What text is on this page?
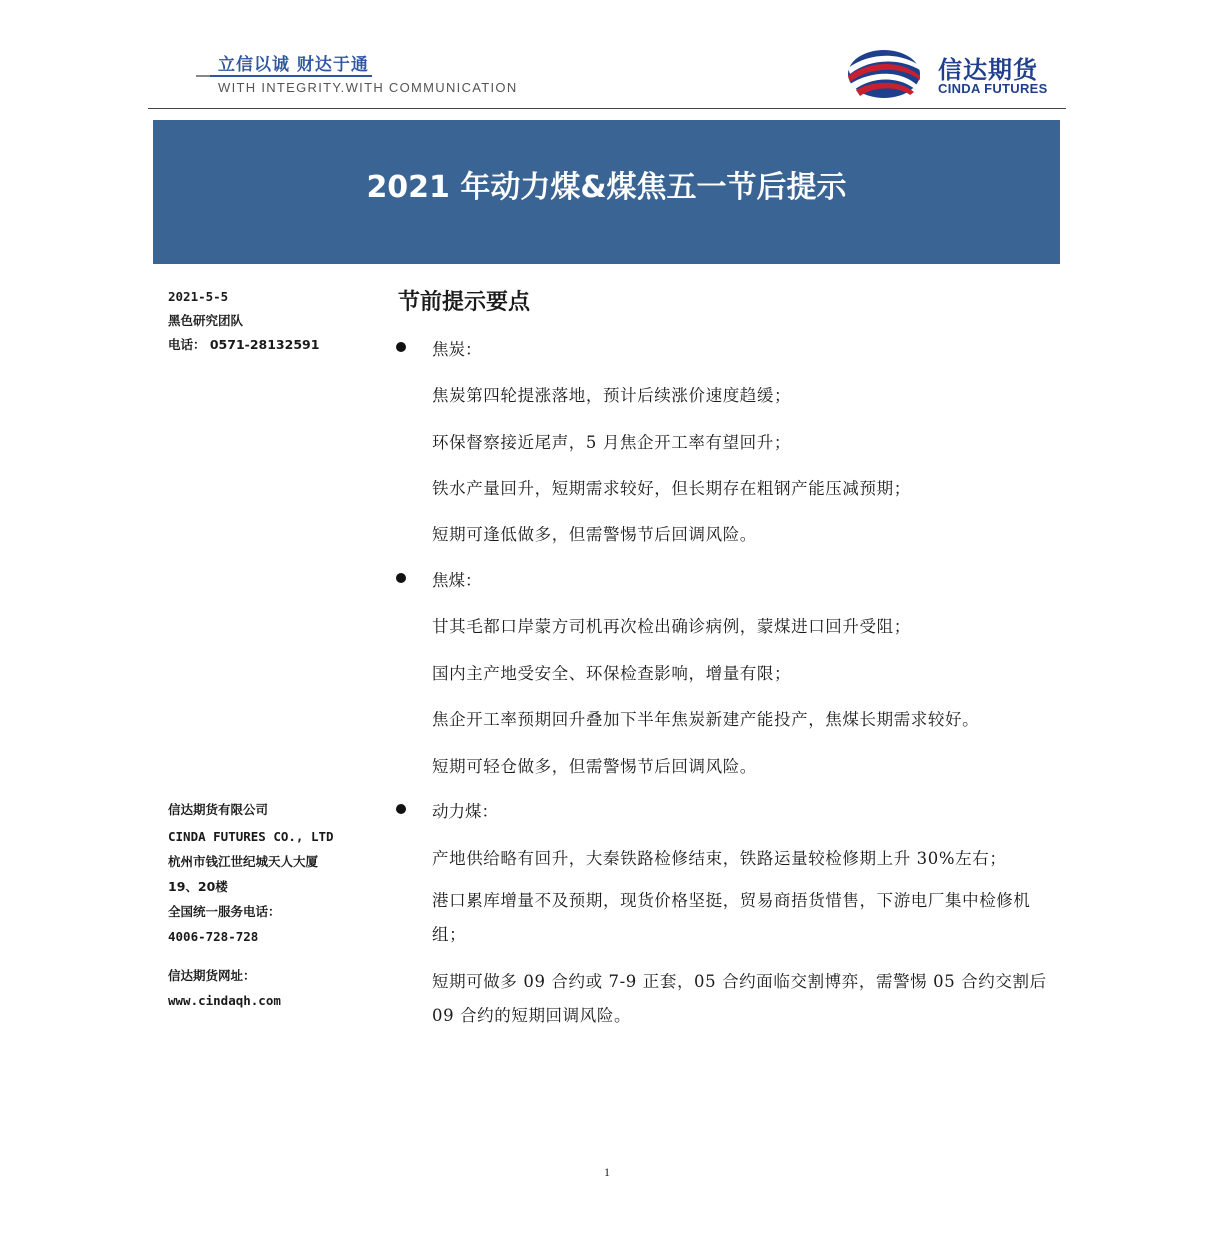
立信以诚 财达于通
WITH INTEGRITY.WITH COMMUNICATION
信达期货
CINDA FUTURES
2021 年动力煤&煤焦五一节后提示
2021-5-5
黑色研究团队
电话： 0571-28132591
信达期货有限公司
CINDA FUTURES CO., LTD
杭州市钱江世纪城天人大厦
19、20楼
全国统一服务电话：
4006-728-728
信达期货网址：
www.cindaqh.com
节前提示要点
焦炭：
焦炭第四轮提涨落地，预计后续涨价速度趋缓；
环保督察接近尾声，5 月焦企开工率有望回升；
铁水产量回升，短期需求较好，但长期存在粗钢产能压减预期；
短期可逢低做多，但需警惕节后回调风险。
焦煤：
甘其毛都口岸蒙方司机再次检出确诊病例，蒙煤进口回升受阻；
国内主产地受安全、环保检查影响，增量有限；
焦企开工率预期回升叠加下半年焦炭新建产能投产，焦煤长期需求较好。
短期可轻仓做多，但需警惕节后回调风险。
动力煤：
产地供给略有回升，大秦铁路检修结束，铁路运量较检修期上升 30%左右；
港口累库增量不及预期，现货价格坚挺，贸易商捂货惜售，下游电厂集中检修机组；
短期可做多 09 合约或 7-9 正套，05 合约面临交割博弈，需警惕 05 合约交割后 09 合约的短期回调风险。
1
